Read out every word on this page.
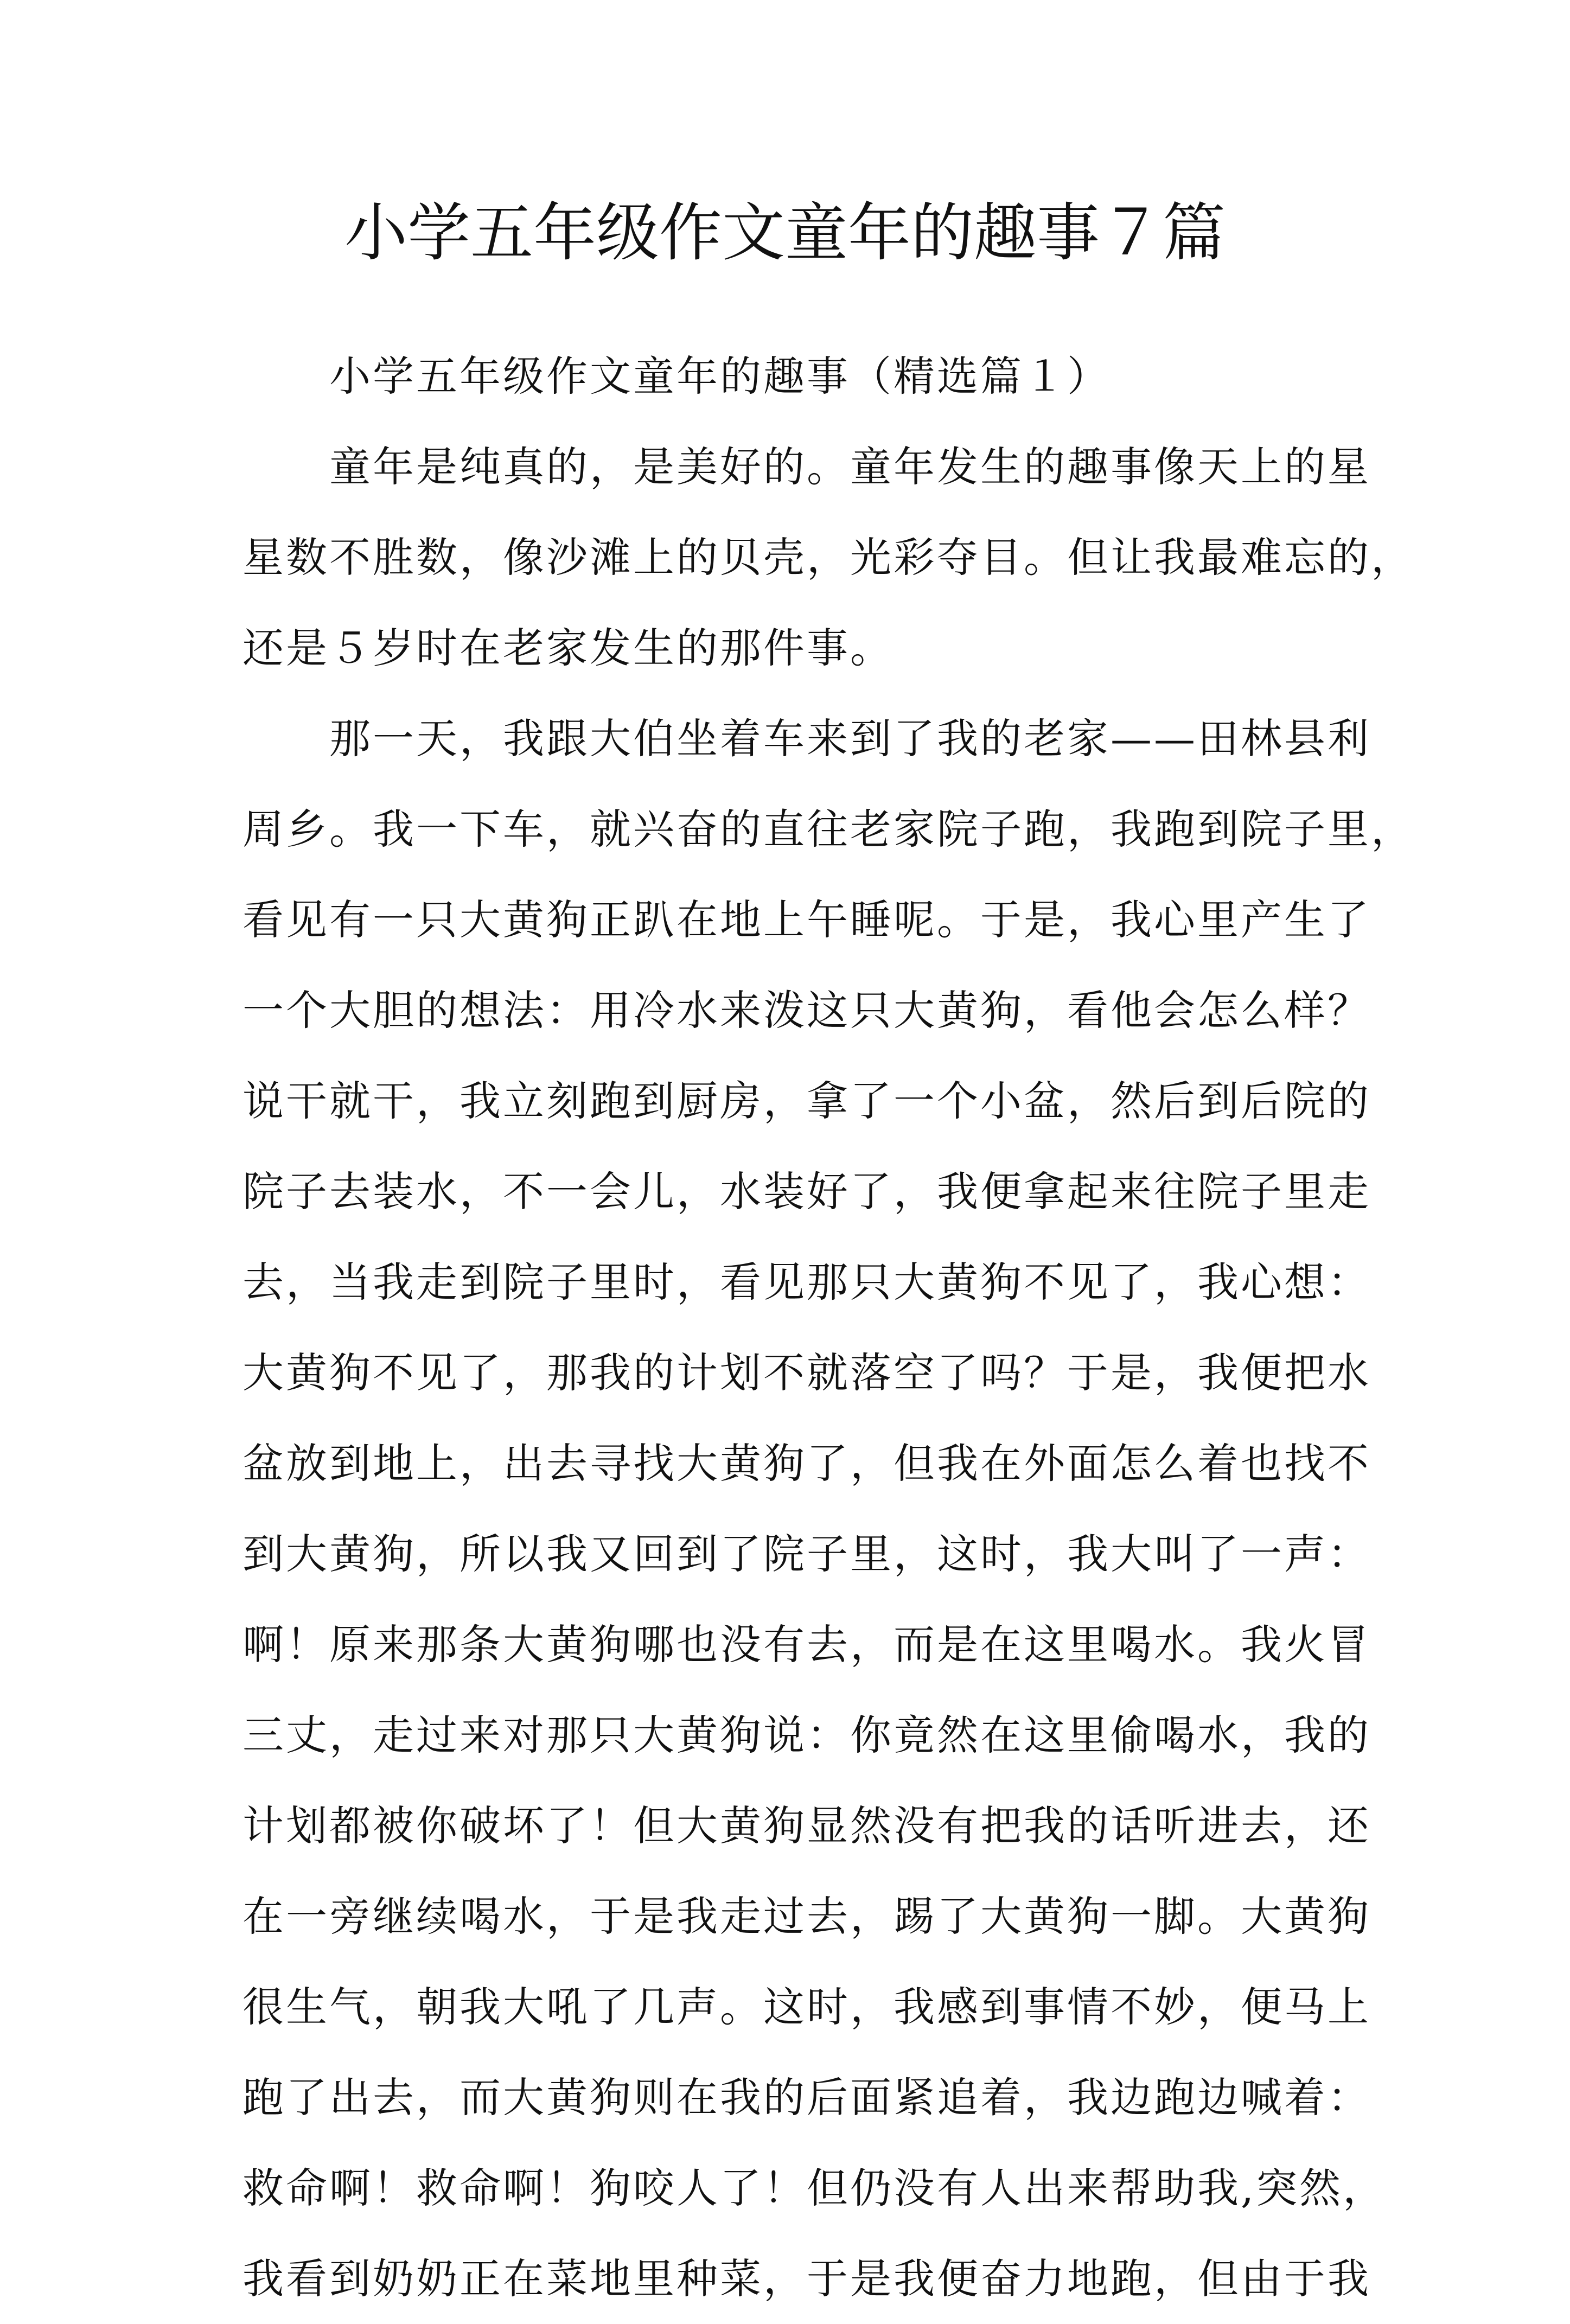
小学五年级作文童年的趣事７篇
小学五年级作文童年的趣事（精选篇１）
童年是纯真的，是美好的。童年发生的趣事像天上的星
星数不胜数，像沙滩上的贝壳，光彩夺目。但让我最难忘的，
还是５岁时在老家发生的那件事。
那一天，我跟大伯坐着车来到了我的老家——田林县利
周乡。我一下车，就兴奋的直往老家院子跑，我跑到院子里，
看见有一只大黄狗正趴在地上午睡呢。于是，我心里产生了
一个大胆的想法：用冷水来泼这只大黄狗，看他会怎么样？
说干就干，我立刻跑到厨房，拿了一个小盆，然后到后院的
院子去装水，不一会儿，水装好了，我便拿起来往院子里走
去，当我走到院子里时，看见那只大黄狗不见了，我心想：
大黄狗不见了，那我的计划不就落空了吗？于是，我便把水
盆放到地上，出去寻找大黄狗了，但我在外面怎么着也找不
到大黄狗，所以我又回到了院子里，这时，我大叫了一声：
啊！原来那条大黄狗哪也没有去，而是在这里喝水。我火冒
三丈，走过来对那只大黄狗说：你竟然在这里偷喝水，我的
计划都被你破坏了！但大黄狗显然没有把我的话听进去，还
在一旁继续喝水，于是我走过去，踢了大黄狗一脚。大黄狗
很生气，朝我大吼了几声。这时，我感到事情不妙，便马上
跑了出去，而大黄狗则在我的后面紧追着，我边跑边喊着：
救命啊！救命啊！狗咬人了！但仍没有人出来帮助我,突然，
我看到奶奶正在菜地里种菜，于是我便奋力地跑，但由于我
